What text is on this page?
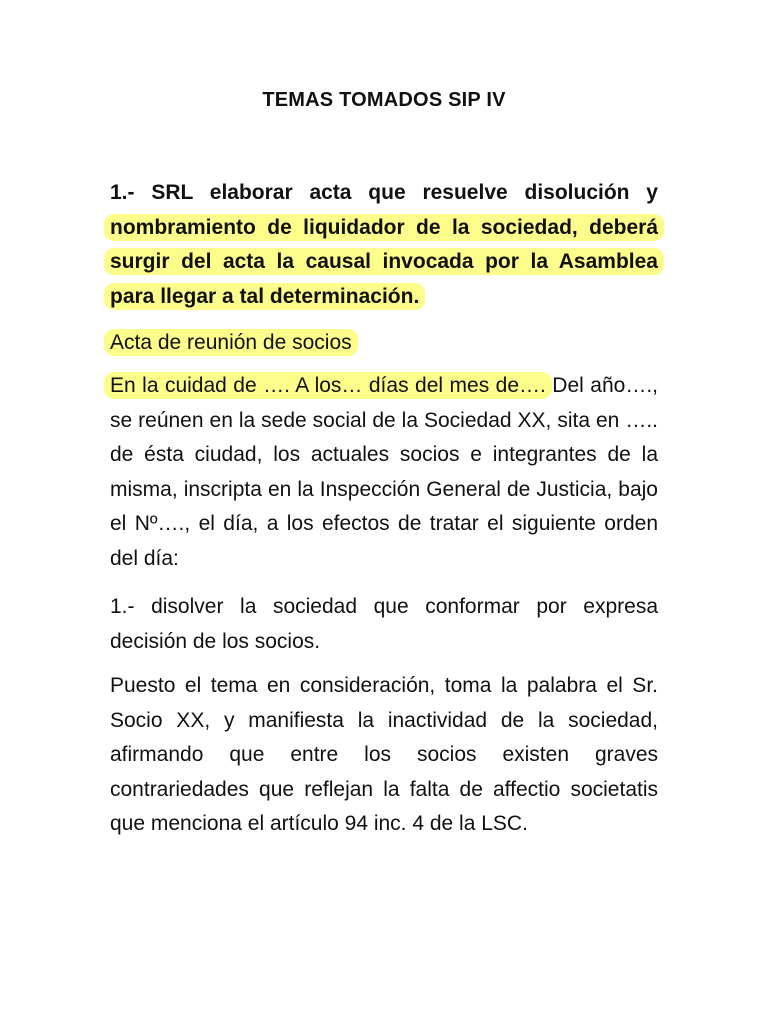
TEMAS TOMADOS SIP IV
1.- SRL elaborar acta que resuelve disolución y nombramiento de liquidador de la sociedad, deberá surgir del acta la causal invocada por la Asamblea para llegar a tal determinación.
Acta de reunión de socios
En la cuidad de …. A los… días del mes de…. Del año…., se reúnen en la sede social de la Sociedad XX, sita en ….. de ésta ciudad, los actuales socios e integrantes de la misma, inscripta en la Inspección General de Justicia, bajo el Nº…., el día, a los efectos de tratar el siguiente orden del día:
1.- disolver la sociedad que conformar por expresa decisión de los socios.
Puesto el tema en consideración, toma la palabra el Sr. Socio XX, y manifiesta la inactividad de la sociedad, afirmando que entre los socios existen graves contrariedades que reflejan la falta de affectio societatis que menciona el artículo 94 inc. 4 de la LSC.
